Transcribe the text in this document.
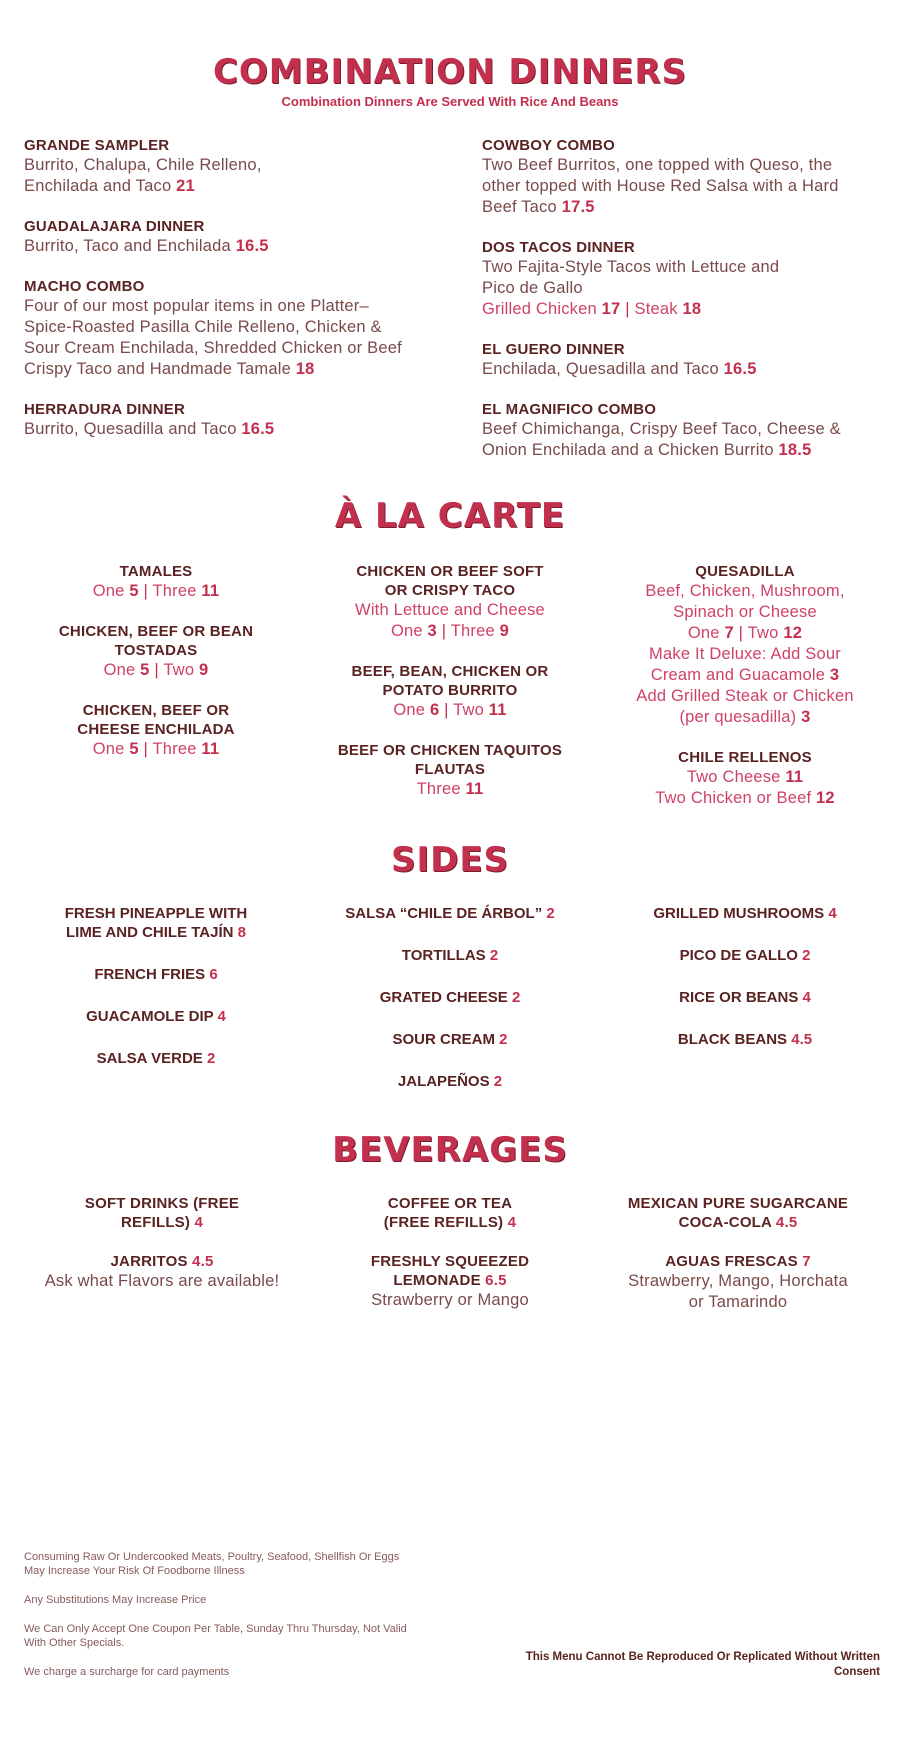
COMBINATION DINNERS

Combination Dinners Are Served With Rice And Beans

GRANDE SAMPLER
Burrito, Chalupa, Chile Relleno, Enchilada and Taco 21
GUADALAJARA DINNER
Burrito, Taco and Enchilada 16.5
MACHO COMBO
Four of our most popular items in one Platter– Spice-Roasted Pasilla Chile Relleno, Chicken & Sour Cream Enchilada, Shredded Chicken or Beef Crispy Taco and Handmade Tamale 18
HERRADURA DINNER
Burrito, Quesadilla and Taco 16.5
COWBOY COMBO
Two Beef Burritos, one topped with Queso, the other topped with House Red Salsa with a Hard Beef Taco 17.5
DOS TACOS DINNER
Two Fajita-Style Tacos with Lettuce and Pico de Gallo
Grilled Chicken 17 | Steak 18
EL GUERO DINNER
Enchilada, Quesadilla and Taco 16.5
EL MAGNIFICO COMBO
Beef Chimichanga, Crispy Beef Taco, Cheese & Onion Enchilada and a Chicken Burrito 18.5
À LA CARTE
TAMALES
One 5 | Three 11
CHICKEN, BEEF OR BEAN TOSTADAS
One 5 | Two 9
CHICKEN, BEEF OR CHEESE ENCHILADA
One 5 | Three 11
CHICKEN OR BEEF SOFT OR CRISPY TACO
With Lettuce and Cheese
One 3 | Three 9
BEEF, BEAN, CHICKEN OR POTATO BURRITO
One 6 | Two 11
BEEF OR CHICKEN TAQUITOS FLAUTAS
Three 11
QUESADILLA
Beef, Chicken, Mushroom, Spinach or Cheese
One 7 | Two 12
Make It Deluxe: Add Sour Cream and Guacamole 3
Add Grilled Steak or Chicken (per quesadilla) 3
CHILE RELLENOS
Two Cheese 11
Two Chicken or Beef 12
SIDES
FRESH PINEAPPLE WITH LIME AND CHILE TAJÍN 8
FRENCH FRIES 6
GUACAMOLE DIP 4
SALSA VERDE 2
SALSA “CHILE DE ÁRBOL” 2
TORTILLAS 2
GRATED CHEESE 2
SOUR CREAM 2
JALAPEÑOS 2
GRILLED MUSHROOMS 4
PICO DE GALLO 2
RICE OR BEANS 4
BLACK BEANS 4.5
BEVERAGES
SOFT DRINKS (FREE REFILLS) 4
JARRITOS 4.5
Ask what Flavors are available!
COFFEE OR TEA (FREE REFILLS) 4
FRESHLY SQUEEZED LEMONADE 6.5
Strawberry or Mango
MEXICAN PURE SUGARCANE COCA-COLA 4.5
AGUAS FRESCAS 7
Strawberry, Mango, Horchata or Tamarindo
Consuming Raw Or Undercooked Meats, Poultry, Seafood, Shellfish Or Eggs May Increase Your Risk Of Foodborne Illness
Any Substitutions May Increase Price
We Can Only Accept One Coupon Per Table, Sunday Thru Thursday, Not Valid With Other Specials.
We charge a surcharge for card payments
This Menu Cannot Be Reproduced Or Replicated Without Written Consent
